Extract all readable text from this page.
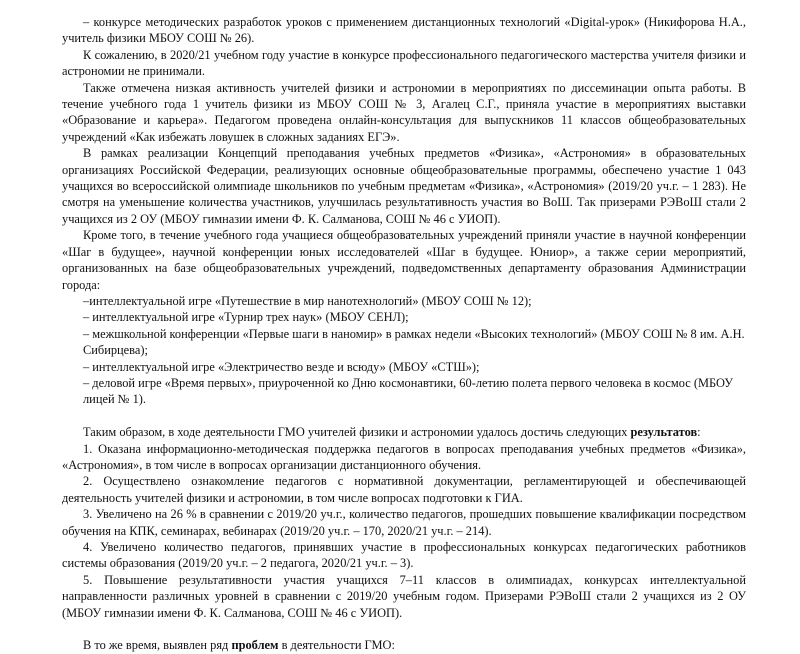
– конкурсе методических разработок уроков с применением дистанционных технологий «Digital-урок» (Никифорова Н.А., учитель физики МБОУ СОШ № 26).

К сожалению, в 2020/21 учебном году участие в конкурсе профессионального педагогического мастерства учителя физики и астрономии не принимали.

Также отмечена низкая активность учителей физики и астрономии в мероприятиях по диссеминации опыта работы. В течение учебного года 1 учитель физики из МБОУ СОШ № 3, Агалец С.Г., приняла участие в мероприятиях выставки «Образование и карьера». Педагогом проведена онлайн-консультация для выпускников 11 классов общеобразовательных учреждений «Как избежать ловушек в сложных заданиях ЕГЭ».

В рамках реализации Концепций преподавания учебных предметов «Физика», «Астрономия» в образовательных организациях Российской Федерации, реализующих основные общеобразовательные программы, обеспечено участие 1 043 учащихся во всероссийской олимпиаде школьников по учебным предметам «Физика», «Астрономия» (2019/20 уч.г. – 1 283). Не смотря на уменьшение количества участников, улучшилась результативность участия во ВоШ. Так призерами РЭВоШ стали 2 учащихся из 2 ОУ (МБОУ гимназии имени Ф. К. Салманова, СОШ № 46 с УИОП).

Кроме того, в течение учебного года учащиеся общеобразовательных учреждений приняли участие в научной конференции «Шаг в будущее», научной конференции юных исследователей «Шаг в будущее. Юниор», а также серии мероприятий, организованных на базе общеобразовательных учреждений, подведомственных департаменту образования Администрации города:

–интеллектуальной игре «Путешествие в мир нанотехнологий» (МБОУ СОШ № 12);

– интеллектуальной игре «Турнир трех наук» (МБОУ СЕНЛ);

– межшкольной конференции «Первые шаги в наномир» в рамках недели «Высоких технологий» (МБОУ СОШ № 8 им. А.Н. Сибирцева);

– интеллектуальной игре «Электричество везде и всюду» (МБОУ «СТШ»);

– деловой игре «Время первых», приуроченной ко Дню космонавтики, 60-летию полета первого человека в космос (МБОУ лицей № 1).

Таким образом, в ходе деятельности ГМО учителей физики и астрономии удалось достичь следующих результатов:

1. Оказана информационно-методическая поддержка педагогов в вопросах преподавания учебных предметов «Физика», «Астрономия», в том числе в вопросах организации дистанционного обучения.

2. Осуществлено ознакомление педагогов с нормативной документации, регламентирующей и обеспечивающей деятельность учителей физики и астрономии, в том числе вопросах подготовки к ГИА.

3. Увеличено на 26 % в сравнении с 2019/20 уч.г., количество педагогов, прошедших повышение квалификации посредством обучения на КПК, семинарах, вебинарах (2019/20 уч.г. – 170, 2020/21 уч.г. – 214).

4. Увеличено количество педагогов, принявших участие в профессиональных конкурсах педагогических работников системы образования (2019/20 уч.г. – 2 педагога, 2020/21 уч.г. – 3).

5. Повышение результативности участия учащихся 7–11 классов в олимпиадах, конкурсах интеллектуальной направленности различных уровней в сравнении с 2019/20 учебным годом. Призерами РЭВоШ стали 2 учащихся из 2 ОУ (МБОУ гимназии имени Ф. К. Салманова, СОШ № 46 с УИОП).

В то же время, выявлен ряд проблем в деятельности ГМО:
